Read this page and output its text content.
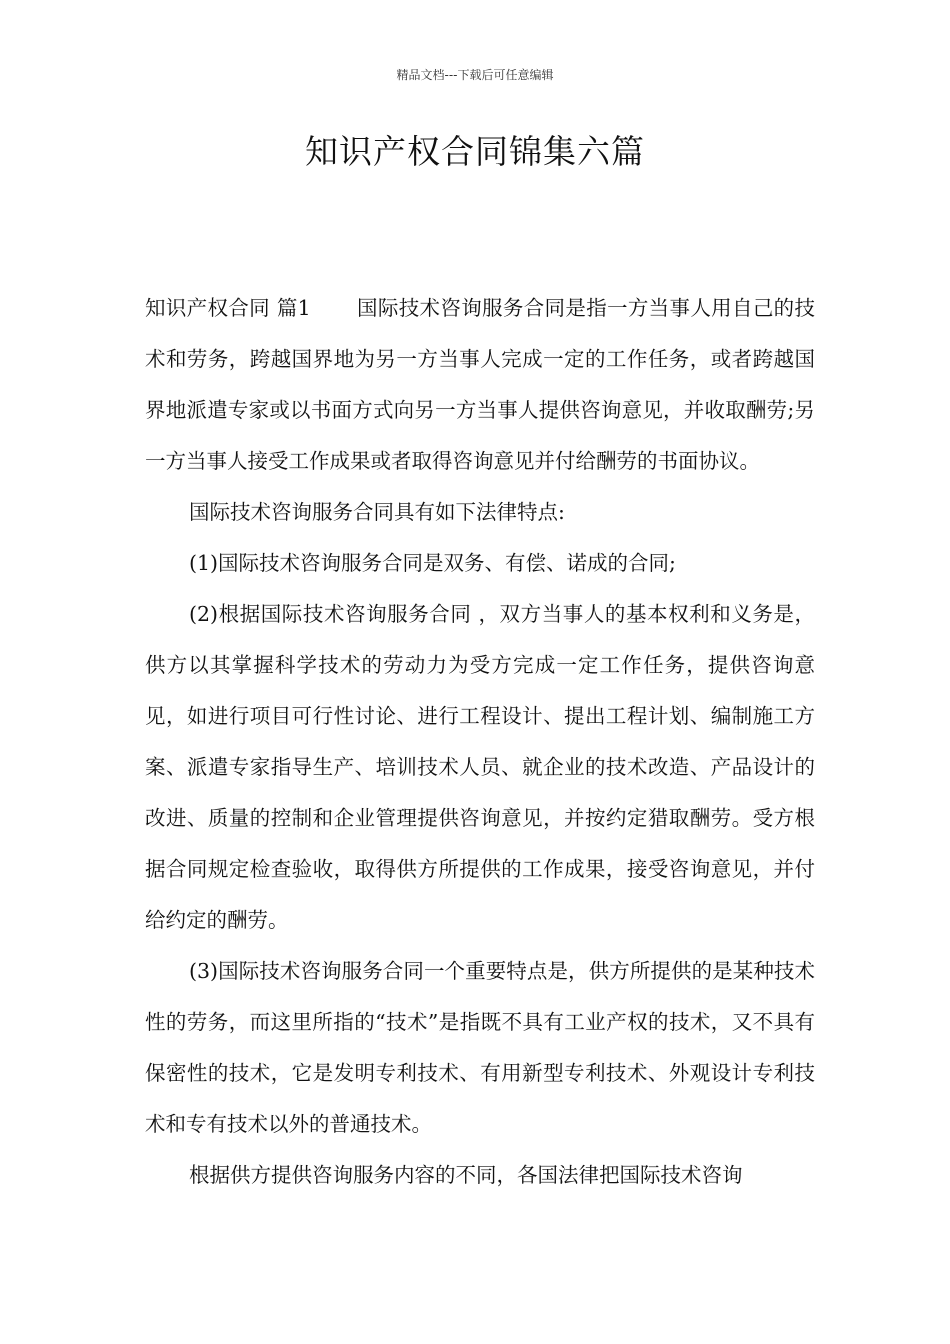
精品文档---下载后可任意编辑
知识产权合同锦集六篇

知识产权合同 篇1 国际技术咨询服务合同是指一方当事人用自己的技术和劳务，跨越国界地为另一方当事人完成一定的工作任务，或者跨越国界地派遣专家或以书面方式向另一方当事人提供咨询意见，并收取酬劳;另一方当事人接受工作成果或者取得咨询意见并付给酬劳的书面协议。

国际技术咨询服务合同具有如下法律特点:

(1)国际技术咨询服务合同是双务、有偿、诺成的合同;

(2)根据国际技术咨询服务合同 ，双方当事人的基本权利和义务是，供方以其掌握科学技术的劳动力为受方完成一定工作任务，提供咨询意见，如进行项目可行性讨论、进行工程设计、提出工程计划、编制施工方案、派遣专家指导生产、培训技术人员、就企业的技术改造、产品设计的改进、质量的控制和企业管理提供咨询意见，并按约定猎取酬劳。受方根据合同规定检查验收，取得供方所提供的工作成果，接受咨询意见，并付给约定的酬劳。

(3)国际技术咨询服务合同一个重要特点是，供方所提供的是某种技术性的劳务，而这里所指的“技术”是指既不具有工业产权的技术，又不具有保密性的技术，它是发明专利技术、有用新型专利技术、外观设计专利技术和专有技术以外的普通技术。

根据供方提供咨询服务内容的不同，各国法律把国际技术咨询
